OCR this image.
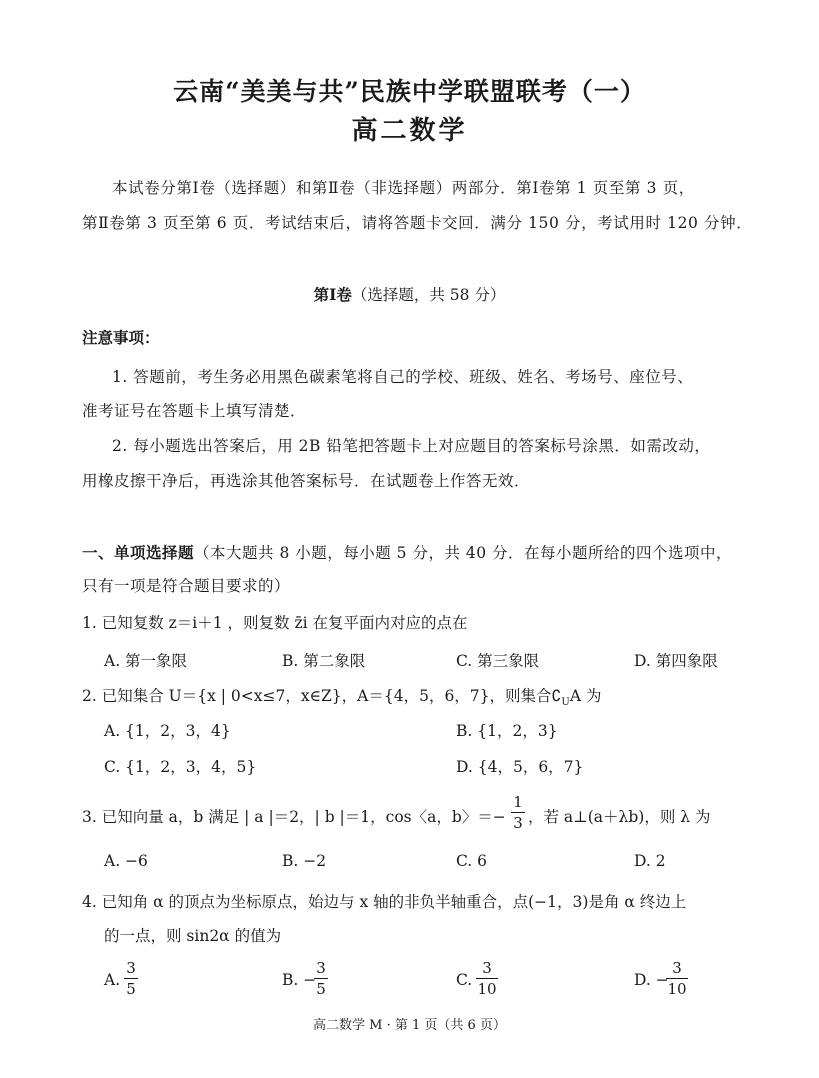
云南“美美与共”民族中学联盟联考（一）
高二数学
本试卷分第Ⅰ卷（选择题）和第Ⅱ卷（非选择题）两部分．第Ⅰ卷第 1 页至第 3 页，
第Ⅱ卷第 3 页至第 6 页．考试结束后，请将答题卡交回．满分 150 分，考试用时 120 分钟．
第Ⅰ卷（选择题，共 58 分）
注意事项：
1. 答题前，考生务必用黑色碳素笔将自己的学校、班级、姓名、考场号、座位号、
准考证号在答题卡上填写清楚．
2. 每小题选出答案后，用 2B 铅笔把答题卡上对应题目的答案标号涂黑．如需改动，
用橡皮擦干净后，再选涂其他答案标号．在试题卷上作答无效．
一、单项选择题（本大题共 8 小题，每小题 5 分，共 40 分．在每小题所给的四个选项中，
只有一项是符合题目要求的）
1. 已知复数 z＝i＋1 ，则复数 z̄i 在复平面内对应的点在
A. 第一象限	B. 第二象限	C. 第三象限	D. 第四象限
2. 已知集合 U＝{x | 0<x≤7，x∈Z}，A＝{4，5，6，7}，则集合$∁_UA$ 为
A. {1，2，3，4}	B. {1，2，3}
C. {1，2，3，4，5}	D. {4，5，6，7}
3. 已知向量 a，b 满足 | a |＝2，| b |＝1，cos〈a，b〉＝−
1
3 ，若 a⊥(a＋λb)，则 λ 为
A. −6	B. −2	C. 6	D. 2
4. 已知角 α 的顶点为坐标原点，始边与 x 轴的非负半轴重合，点(−1，3)是角 α 终边上
的一点，则 sin2α 的值为
A.
3
5	B. −
3
5	C.
3
10	D. −
3
10
高二数学 M · 第 1 页（共 6 页）
